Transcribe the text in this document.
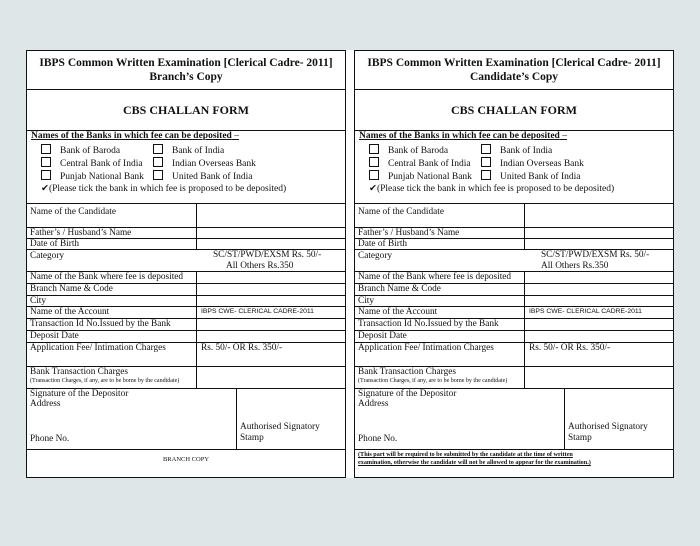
IBPS Common Written Examination [Clerical Cadre- 2011]
Branch’s Copy
CBS CHALLAN FORM
Names of the Banks in which fee can be deposited –
Bank of Baroda	Bank of India
Central Bank of India	Indian Overseas Bank
Punjab National Bank	United Bank of India
✔(Please tick the bank in which fee is proposed to be deposited)
Name of the Candidate
Father’s / Husband’s Name
Date of Birth
Category	SC/ST/PWD/EXSM Rs. 50/-
All Others Rs.350
Name of the Bank where fee is deposited
Branch Name & Code
City
Name of the Account	IBPS CWE- CLERICAL CADRE-2011
Transaction Id No.Issued by the Bank
Deposit Date
Application Fee/ Intimation Charges	Rs. 50/- OR Rs. 350/-
Bank Transaction Charges
(Transaction Charges, if any, are to be borne by the candidate)
Signature of the Depositor
Address
Phone No.
Authorised Signatory
Stamp
BRANCH COPY
IBPS Common Written Examination [Clerical Cadre- 2011]
Candidate’s Copy
CBS CHALLAN FORM
Names of the Banks in which fee can be deposited –
Bank of Baroda	Bank of India
Central Bank of India	Indian Overseas Bank
Punjab National Bank	United Bank of India
✔(Please tick the bank in which fee is proposed to be deposited)
Name of the Candidate
Father’s / Husband’s Name
Date of Birth
Category	SC/ST/PWD/EXSM Rs. 50/-
All Others Rs.350
Name of the Bank where fee is deposited
Branch Name & Code
City
Name of the Account	IBPS CWE- CLERICAL CADRE-2011
Transaction Id No.Issued by the Bank
Deposit Date
Application Fee/ Intimation Charges	Rs. 50/- OR Rs. 350/-
Bank Transaction Charges
(Transaction Charges, if any, are to be borne by the candidate)
Signature of the Depositor
Address
Phone No.
Authorised Signatory
Stamp
(This part will be required to be submitted by the candidate at the time of written
examination, otherwise the candidate will not be allowed to appear for the examination.)
